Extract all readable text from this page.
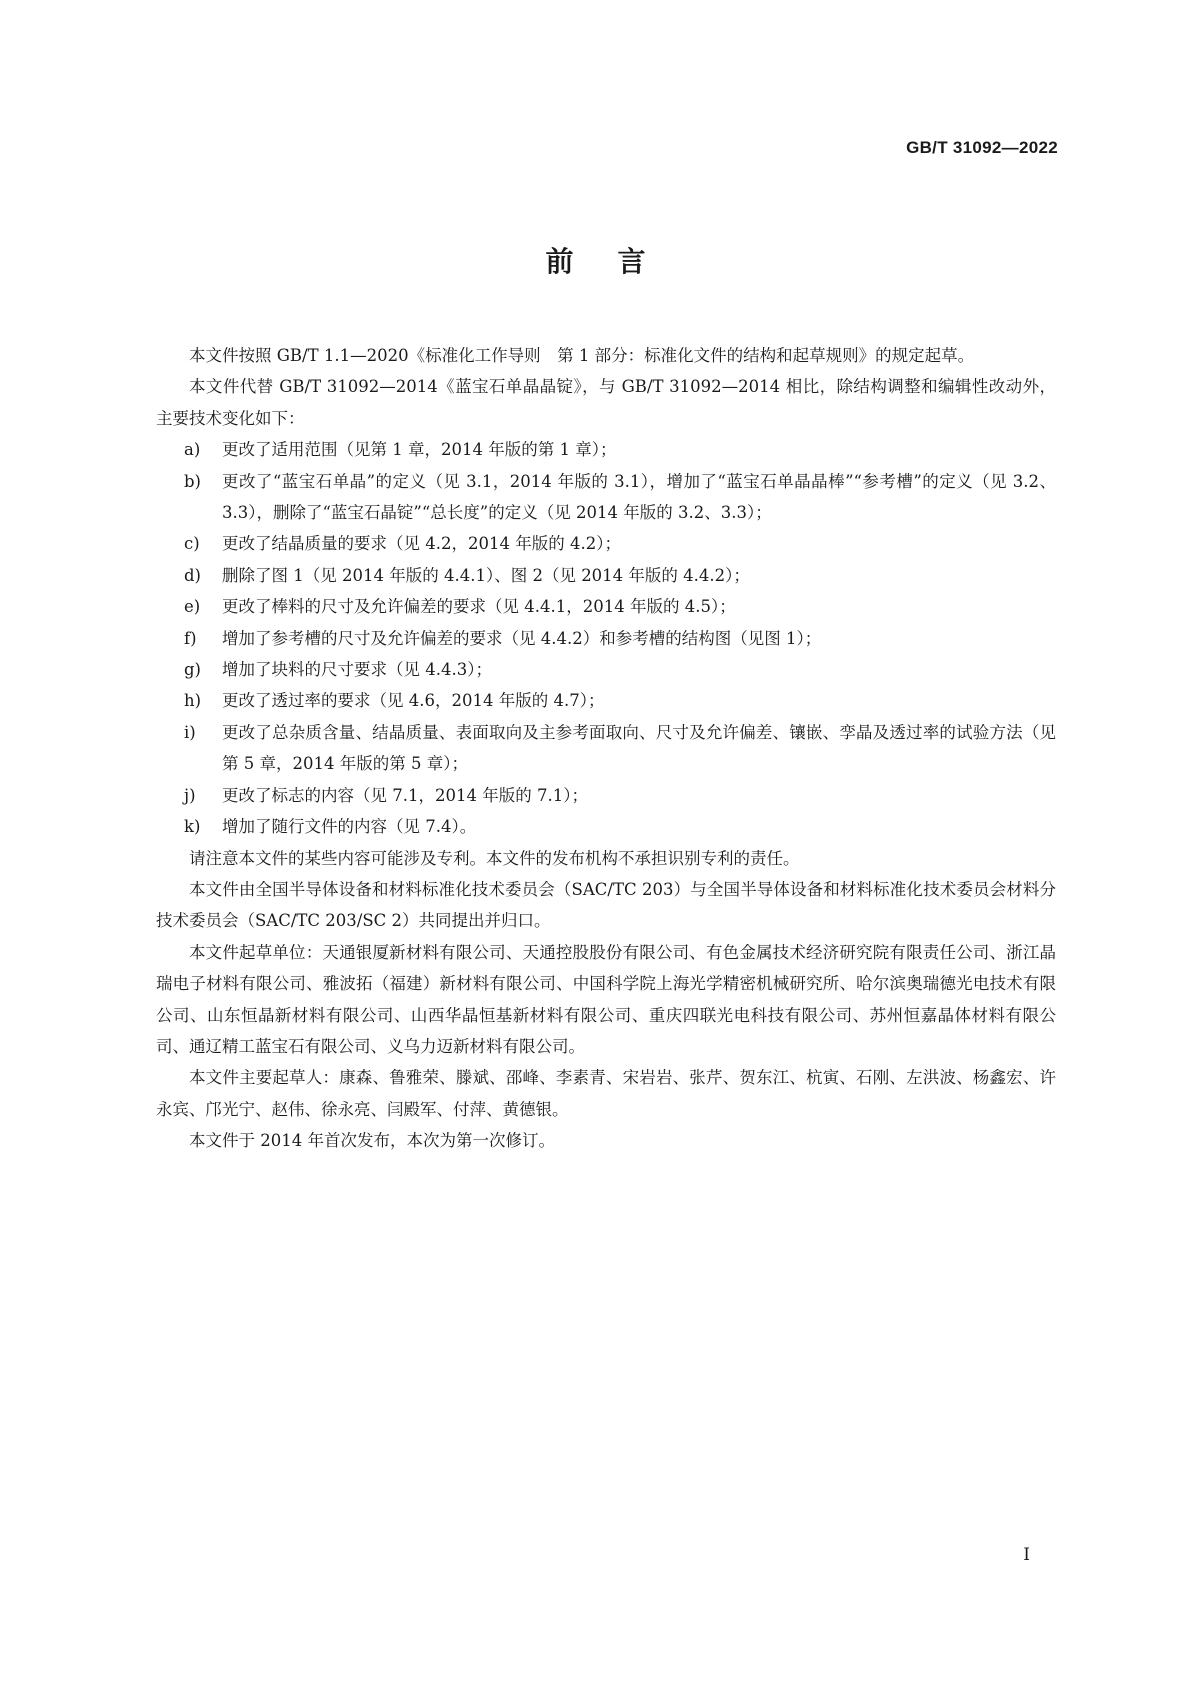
GB/T 31092—2022
前言

本文件按照 GB/T 1.1—2020《标准化工作导则　第 1 部分：标准化文件的结构和起草规则》的规定起草。

本文件代替 GB/T 31092—2014《蓝宝石单晶晶锭》，与 GB/T 31092—2014 相比，除结构调整和编辑性改动外，主要技术变化如下：

a) 更改了适用范围（见第 1 章，2014 年版的第 1 章）；
b) 更改了“蓝宝石单晶”的定义（见 3.1，2014 年版的 3.1），增加了“蓝宝石单晶晶棒”“参考槽”的定义（见 3.2、3.3），删除了“蓝宝石晶锭”“总长度”的定义（见 2014 年版的 3.2、3.3）；
c) 更改了结晶质量的要求（见 4.2，2014 年版的 4.2）；
d) 删除了图 1（见 2014 年版的 4.4.1）、图 2（见 2014 年版的 4.4.2）；
e) 更改了棒料的尺寸及允许偏差的要求（见 4.4.1，2014 年版的 4.5）；
f) 增加了参考槽的尺寸及允许偏差的要求（见 4.4.2）和参考槽的结构图（见图 1）；
g) 增加了块料的尺寸要求（见 4.4.3）；
h) 更改了透过率的要求（见 4.6，2014 年版的 4.7）；
i) 更改了总杂质含量、结晶质量、表面取向及主参考面取向、尺寸及允许偏差、镶嵌、孪晶及透过率的试验方法（见第 5 章，2014 年版的第 5 章）；
j) 更改了标志的内容（见 7.1，2014 年版的 7.1）；
k) 增加了随行文件的内容（见 7.4）。

请注意本文件的某些内容可能涉及专利。本文件的发布机构不承担识别专利的责任。

本文件由全国半导体设备和材料标准化技术委员会（SAC/TC 203）与全国半导体设备和材料标准化技术委员会材料分技术委员会（SAC/TC 203/SC 2）共同提出并归口。

本文件起草单位：天通银厦新材料有限公司、天通控股股份有限公司、有色金属技术经济研究院有限责任公司、浙江晶瑞电子材料有限公司、雅波拓（福建）新材料有限公司、中国科学院上海光学精密机械研究所、哈尔滨奥瑞德光电技术有限公司、山东恒晶新材料有限公司、山西华晶恒基新材料有限公司、重庆四联光电科技有限公司、苏州恒嘉晶体材料有限公司、通辽精工蓝宝石有限公司、义乌力迈新材料有限公司。

本文件主要起草人：康森、鲁雅荣、滕斌、邵峰、李素青、宋岩岩、张芹、贺东江、杭寅、石刚、左洪波、杨鑫宏、许永宾、邝光宁、赵伟、徐永亮、闫殿军、付萍、黄德银。

本文件于 2014 年首次发布，本次为第一次修订。

I
